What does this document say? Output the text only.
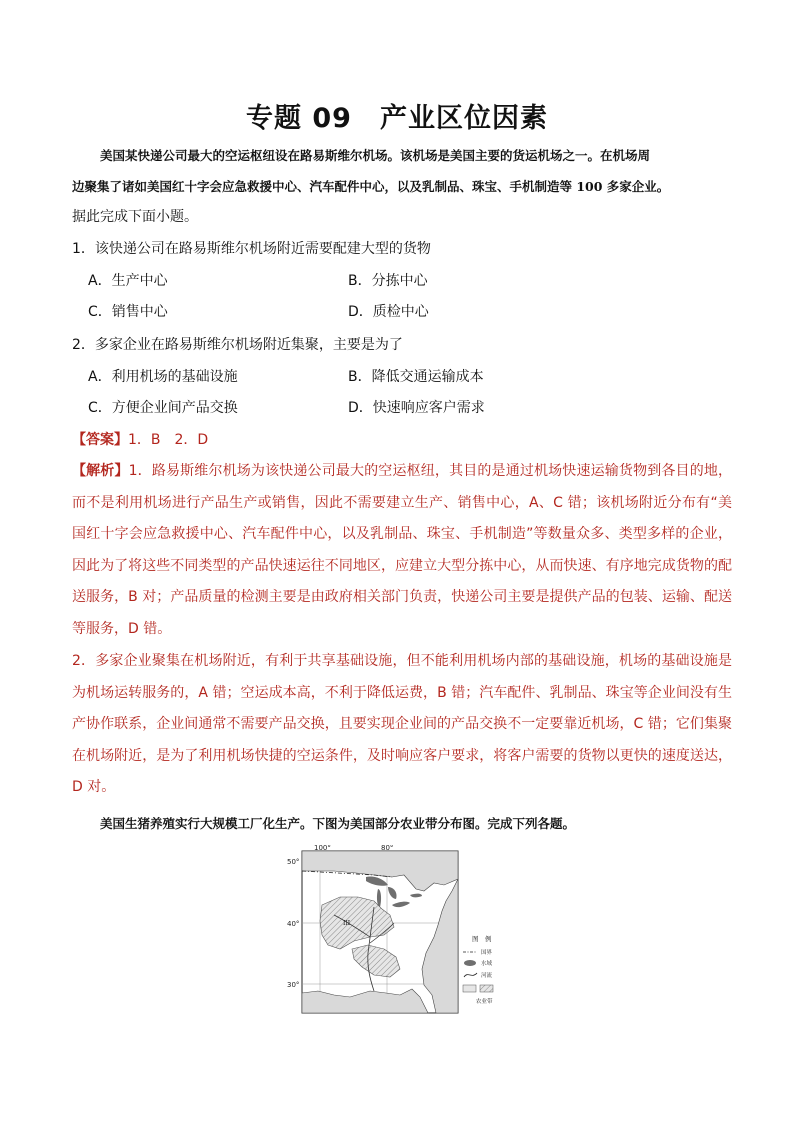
专题 09 产业区位因素
美国某快递公司最大的空运枢纽设在路易斯维尔机场。该机场是美国主要的货运机场之一。在机场周
边聚集了诸如美国红十字会应急救援中心、汽车配件中心，以及乳制品、珠宝、手机制造等 100 多家企业。
据此完成下面小题。
1．该快递公司在路易斯维尔机场附近需要配建大型的货物
A．生产中心	B．分拣中心
C．销售中心	D．质检中心
2．多家企业在路易斯维尔机场附近集聚，主要是为了
A．利用机场的基础设施	B．降低交通运输成本
C．方便企业间产品交换	D．快速响应客户需求
【答案】1．B　2．D
【解析】1．路易斯维尔机场为该快递公司最大的空运枢纽，其目的是通过机场快速运输货物到各目的地，而不是利用机场进行产品生产或销售，因此不需要建立生产、销售中心，A、C 错；该机场附近分布有“美国红十字会应急救援中心、汽车配件中心，以及乳制品、珠宝、手机制造”等数量众多、类型多样的企业，因此为了将这些不同类型的产品快速运往不同地区，应建立大型分拣中心，从而快速、有序地完成货物的配送服务，B 对；产品质量的检测主要是由政府相关部门负责，快递公司主要是提供产品的包装、运输、配送等服务，D 错。
2．多家企业聚集在机场附近，有利于共享基础设施，但不能利用机场内部的基础设施，机场的基础设施是为机场运转服务的，A 错；空运成本高，不利于降低运费，B 错；汽车配件、乳制品、珠宝等企业间没有生产协作联系，企业间通常不需要产品交换，且要实现企业间的产品交换不一定要靠近机场，C 错；它们集聚在机场附近，是为了利用机场快捷的空运条件，及时响应客户要求，将客户需要的货物以更快的速度送达，D 对。
美国生猪养殖实行大规模工厂化生产。下图为美国部分农业带分布图。完成下列各题。
100°	80°
50°
40°
30°
III
图　例
国界
水域
河流
农业带
